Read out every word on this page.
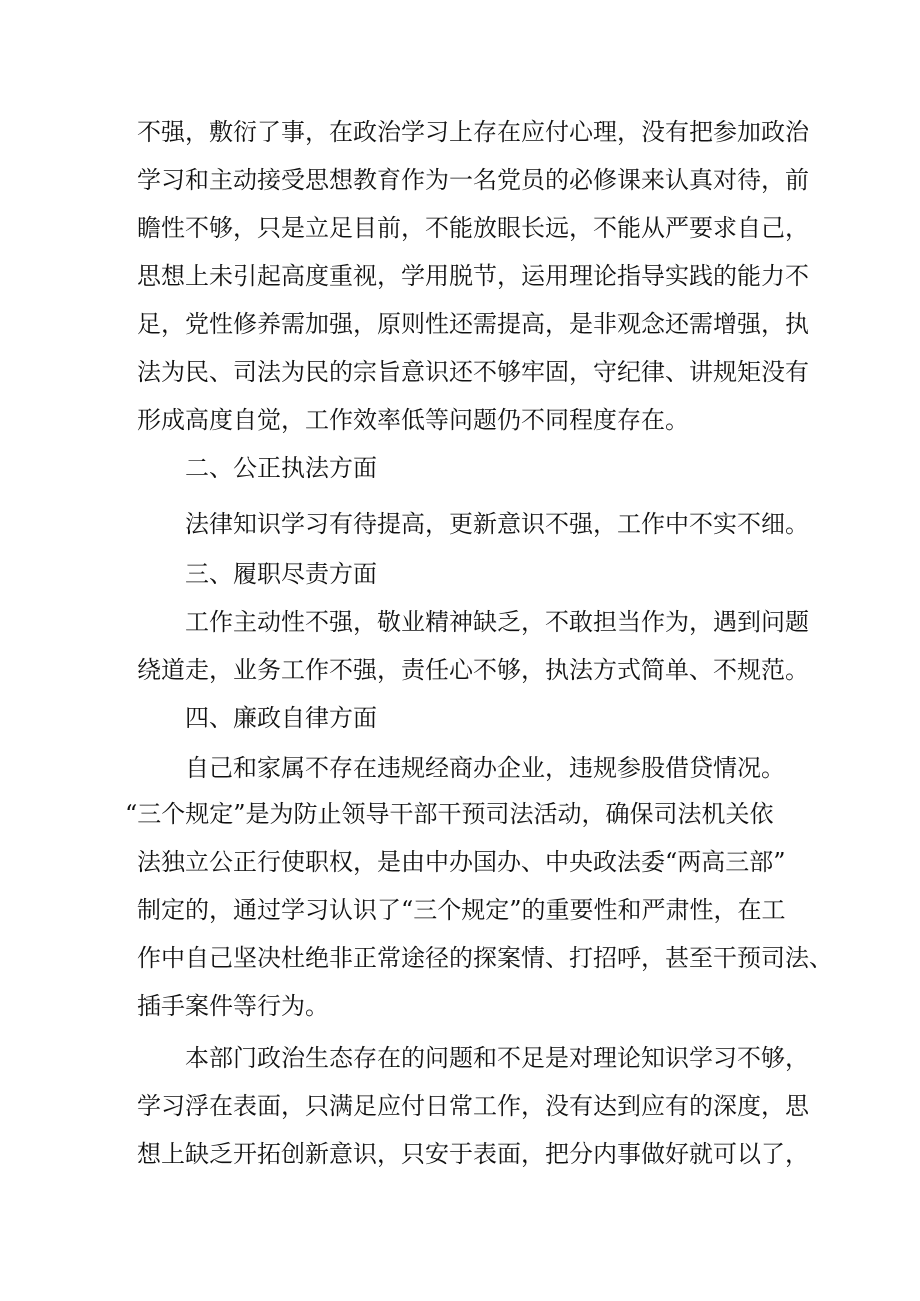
不强，敷衍了事，在政治学习上存在应付心理，没有把参加政治
学习和主动接受思想教育作为一名党员的必修课来认真对待，前
瞻性不够，只是立足目前，不能放眼长远，不能从严要求自己，
思想上未引起高度重视，学用脱节，运用理论指导实践的能力不
足，党性修养需加强，原则性还需提高，是非观念还需增强，执
法为民、司法为民的宗旨意识还不够牢固，守纪律、讲规矩没有
形成高度自觉，工作效率低等问题仍不同程度存在。
二、公正执法方面
法律知识学习有待提高，更新意识不强，工作中不实不细。
三、履职尽责方面
工作主动性不强，敬业精神缺乏，不敢担当作为，遇到问题
绕道走，业务工作不强，责任心不够，执法方式简单、不规范。
四、廉政自律方面
自己和家属不存在违规经商办企业，违规参股借贷情况。
“三个规定”是为防止领导干部干预司法活动，确保司法机关依
法独立公正行使职权，是由中办国办、中央政法委“两高三部”
制定的，通过学习认识了“三个规定”的重要性和严肃性，在工
作中自己坚决杜绝非正常途径的探案情、打招呼，甚至干预司法、
插手案件等行为。
本部门政治生态存在的问题和不足是对理论知识学习不够，
学习浮在表面，只满足应付日常工作，没有达到应有的深度，思
想上缺乏开拓创新意识，只安于表面，把分内事做好就可以了，
